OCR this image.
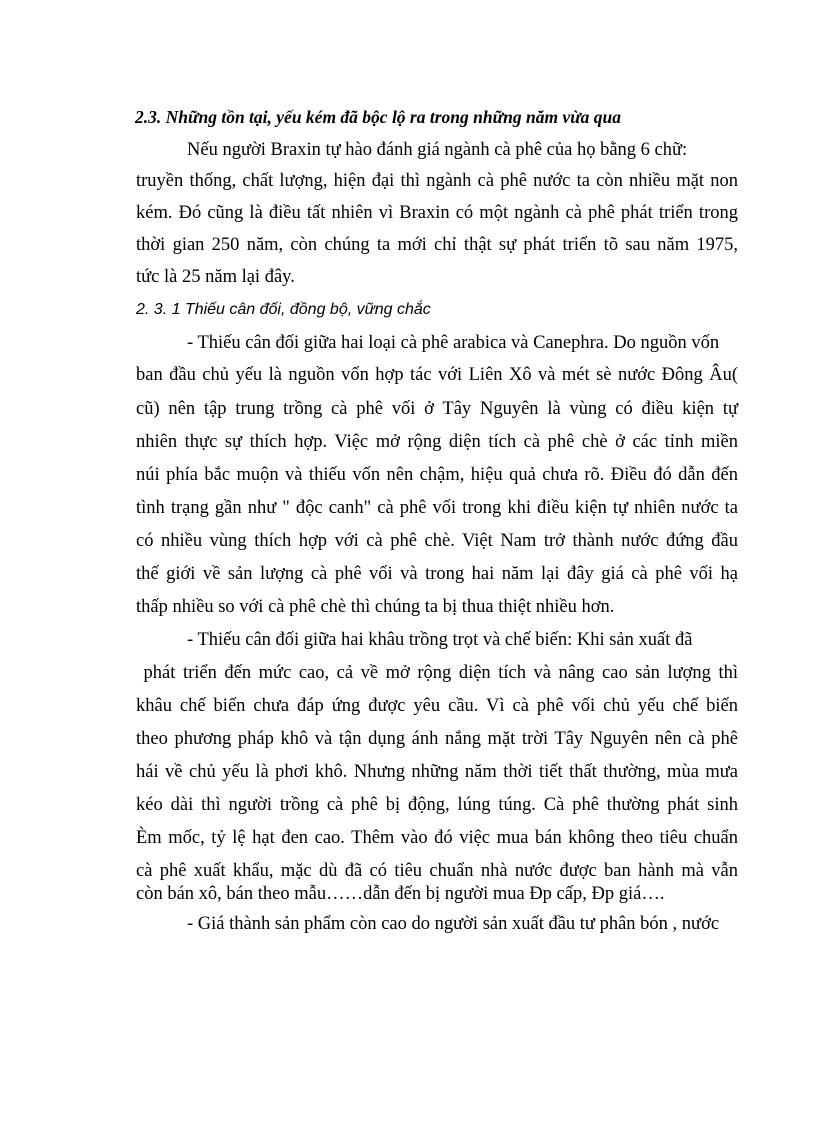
2.3. Những tồn tại, yếu kém đã bộc lộ ra trong những năm vừa qua
Nếu người Braxin tự hào đánh giá ngành cà phê của họ bằng 6 chữ:
truyền thống, chất lượng, hiện đại thì ngành cà phê nước ta còn nhiều mặt non
kém. Đó cũng là điều tất nhiên vì Braxin có một ngành cà phê phát triển trong
thời gian 250 năm, còn chúng ta mới chỉ thật sự phát triển tõ sau năm 1975,
tức là 25 năm lại đây.
2. 3. 1 Thiếu cân đối, đồng bộ, vững chắc
- Thiếu cân đối giữa hai loại cà phê arabica và Canephra. Do nguồn vốn
ban đầu chủ yếu là nguồn vốn hợp tác với Liên Xô và mét sè nước Đông Âu(
cũ) nên tập trung trồng cà phê vối ở Tây Nguyên là vùng có điều kiện tự
nhiên thực sự thích hợp. Việc mở rộng diện tích cà phê chè ở các tỉnh miền
núi phía bắc muộn và thiếu vốn nên chậm, hiệu quả chưa rõ. Điều đó dẫn đến
tình trạng gần như " độc canh" cà phê vối trong khi điều kiện tự nhiên nước ta
có nhiều vùng thích hợp với cà phê chè. Việt Nam trở thành nước đứng đầu
thế giới về sản lượng cà phê vối và trong hai năm lại đây giá cà phê vối hạ
thấp nhiều so với cà phê chè thì chúng ta bị thua thiệt nhiều hơn.
- Thiếu cân đối giữa hai khâu trồng trọt và chế biến: Khi sản xuất đã
phát triển đến mức cao, cả về mở rộng diện tích và nâng cao sản lượng thì
khâu chế biến chưa đáp ứng được yêu cầu. Vì cà phê vối chủ yếu chế biến
theo phương pháp khô và tận dụng ánh nắng mặt trời Tây Nguyên nên cà phê
hái về chủ yếu là phơi khô. Nhưng những năm thời tiết thất thường, mùa mưa
kéo dài thì người trồng cà phê bị động, lúng túng. Cà phê thường phát sinh
Èm mốc, tỷ lệ hạt đen cao. Thêm vào đó việc mua bán không theo tiêu chuẩn
cà phê xuất khẩu, mặc dù đã có tiêu chuẩn nhà nước được ban hành mà vẫn
còn bán xô, bán theo mẫu……dẫn đến bị người mua Ðp cấp, Ðp giá….
- Giá thành sản phẩm còn cao do người sản xuất đầu tư phân bón , nước
